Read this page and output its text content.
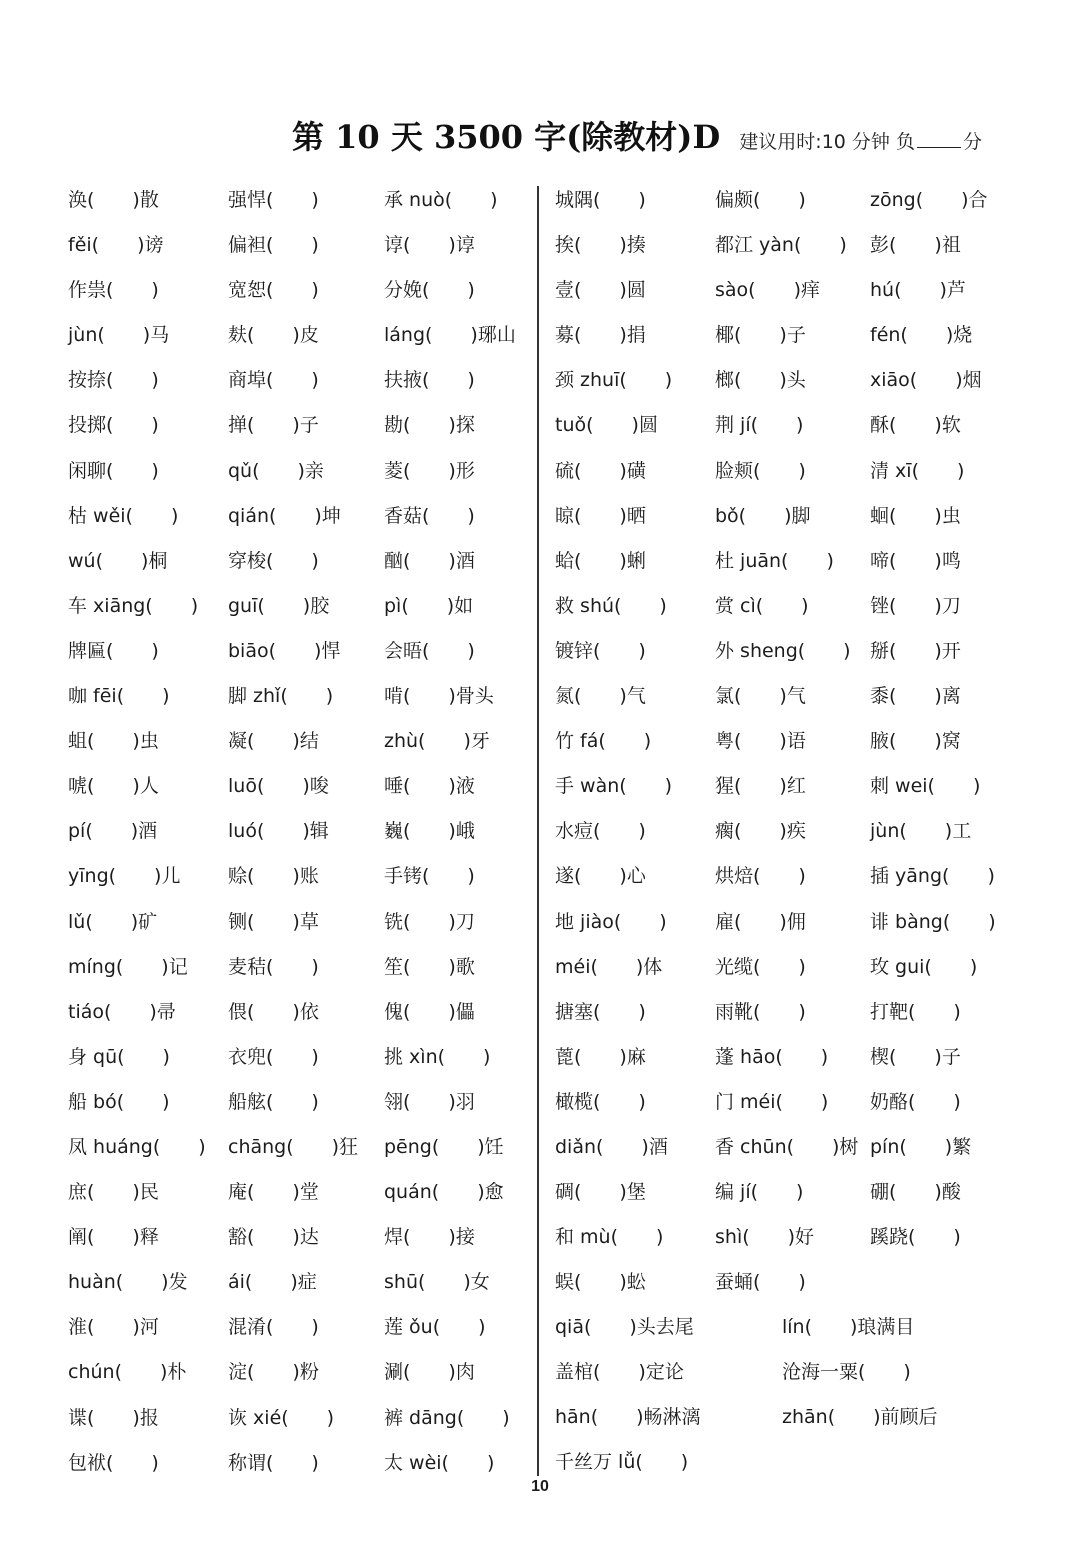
第 10 天 3500 字(除教材)D 建议用时:10 分钟 负	分
涣(　　)散
fěi(　　)谤
作祟(　　)
jùn(　　)马
按捺(　　)
投掷(　　)
闲聊(　　)
枯 wěi(　　)
wú(　　)桐
车 xiāng(　　)
牌匾(　　)
咖 fēi(　　)
蛆(　　)虫
唬(　　)人
pí(　　)酒
yīng(　　)儿
lǔ(　　)矿
míng(　　)记
tiáo(　　)帚
身 qū(　　)
船 bó(　　)
凤 huáng(　　)
庶(　　)民
阐(　　)释
huàn(　　)发
淮(　　)河
chún(　　)朴
谍(　　)报
包袱(　　)
强悍(　　)
偏袒(　　)
宽恕(　　)
麸(　　)皮
商埠(　　)
掸(　　)子
qǔ(　　)亲
qián(　　)坤
穿梭(　　)
guī(　　)胶
biāo(　　)悍
脚 zhǐ(　　)
凝(　　)结
luō(　　)唆
luó(　　)辑
赊(　　)账
铡(　　)草
麦秸(　　)
偎(　　)依
衣兜(　　)
船舷(　　)
chāng(　　)狂
庵(　　)堂
豁(　　)达
ái(　　)症
混淆(　　)
淀(　　)粉
诙 xié(　　)
称谓(　　)
承 nuò(　　)
谆(　　)谆
分娩(　　)
láng(　　)琊山
扶掖(　　)
勘(　　)探
菱(　　)形
香菇(　　)
酗(　　)酒
pì(　　)如
会晤(　　)
啃(　　)骨头
zhù(　　)牙
唾(　　)液
巍(　　)峨
手铐(　　)
铣(　　)刀
笙(　　)歌
傀(　　)儡
挑 xìn(　　)
翎(　　)羽
pēng(　　)饪
quán(　　)愈
焊(　　)接
shū(　　)女
莲 ǒu(　　)
涮(　　)肉
裤 dāng(　　)
太 wèi(　　)
城隅(　　)
挨(　　)揍
壹(　　)圆
募(　　)捐
颈 zhuī(　　)
tuǒ(　　)圆
硫(　　)磺
晾(　　)晒
蛤(　　)蜊
救 shú(　　)
镀锌(　　)
氮(　　)气
竹 fá(　　)
手 wàn(　　)
水痘(　　)
遂(　　)心
地 jiào(　　)
méi(　　)体
搪塞(　　)
蓖(　　)麻
橄榄(　　)
diǎn(　　)酒
碉(　　)堡
和 mù(　　)
蜈(　　)蚣
偏颇(　　)
都江 yàn(　　)
sào(　　)痒
椰(　　)子
榔(　　)头
荆 jí(　　)
脸颊(　　)
bǒ(　　)脚
杜 juān(　　)
赏 cì(　　)
外 sheng(　　)
氯(　　)气
粤(　　)语
猩(　　)红
瘸(　　)疾
烘焙(　　)
雇(　　)佣
光缆(　　)
雨靴(　　)
蓬 hāo(　　)
门 méi(　　)
香 chūn(　　)树
编 jí(　　)
shì(　　)好
蚕蛹(　　)
zōng(　　)合
彭(　　)祖
hú(　　)芦
fén(　　)烧
xiāo(　　)烟
酥(　　)软
清 xī(　　)
蛔(　　)虫
啼(　　)鸣
锉(　　)刀
掰(　　)开
黍(　　)离
腋(　　)窝
刺 wei(　　)
jùn(　　)工
插 yāng(　　)
诽 bàng(　　)
玫 gui(　　)
打靶(　　)
楔(　　)子
奶酪(　　)
pín(　　)繁
硼(　　)酸
蹊跷(　　)
qiā(　　)头去尾
盖棺(　　)定论
hān(　　)畅淋漓
千丝万 lǚ(　　)
lín(　　)琅满目
沧海一粟(　　)
zhān(　　)前顾后
10
